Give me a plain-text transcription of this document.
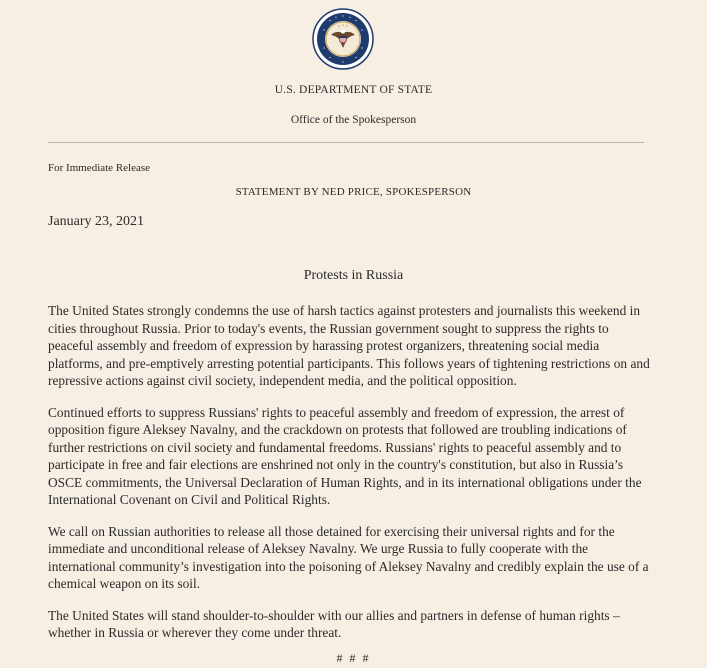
U.S. DEPARTMENT OF STATE
Office of the Spokesperson
For Immediate Release
STATEMENT BY NED PRICE, SPOKESPERSON
January 23, 2021
Protests in Russia

The United States strongly condemns the use of harsh tactics against protesters and journalists this weekend in cities throughout Russia. Prior to today's events, the Russian government sought to suppress the rights to peaceful assembly and freedom of expression by harassing protest organizers, threatening social media platforms, and pre-emptively arresting potential participants. This follows years of tightening restrictions on and repressive actions against civil society, independent media, and the political opposition.

Continued efforts to suppress Russians' rights to peaceful assembly and freedom of expression, the arrest of opposition figure Aleksey Navalny, and the crackdown on protests that followed are troubling indications of further restrictions on civil society and fundamental freedoms. Russians' rights to peaceful assembly and to participate in free and fair elections are enshrined not only in the country's constitution, but also in Russia’s OSCE commitments, the Universal Declaration of Human Rights, and in its international obligations under the International Covenant on Civil and Political Rights.

We call on Russian authorities to release all those detained for exercising their universal rights and for the immediate and unconditional release of Aleksey Navalny. We urge Russia to fully cooperate with the international community’s investigation into the poisoning of Aleksey Navalny and credibly explain the use of a chemical weapon on its soil.

The United States will stand shoulder-to-shoulder with our allies and partners in defense of human rights – whether in Russia or wherever they come under threat.

# # #
